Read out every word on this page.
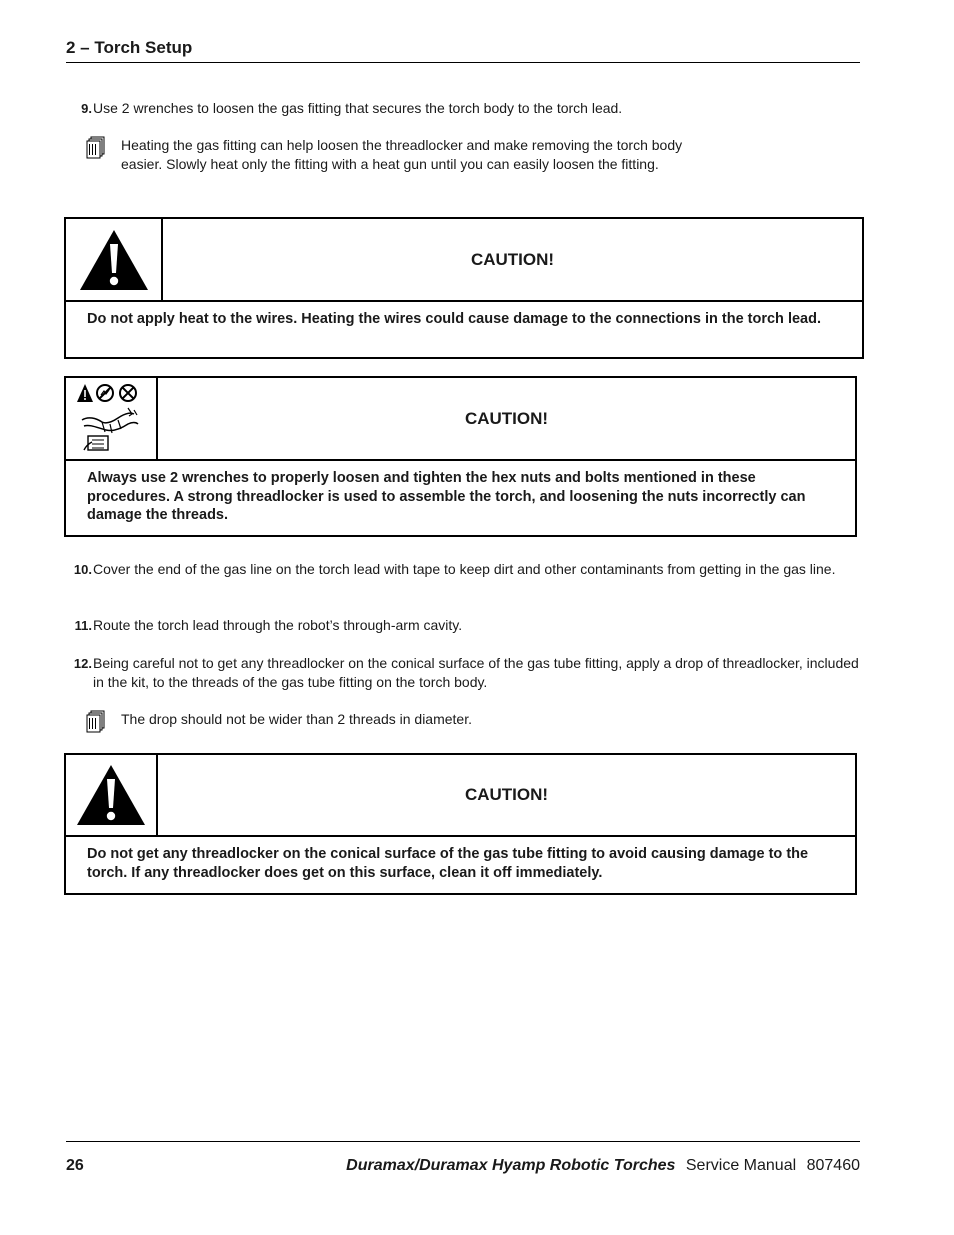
2 – Torch Setup
9. Use 2 wrenches to loosen the gas fitting that secures the torch body to the torch lead.
Heating the gas fitting can help loosen the threadlocker and make removing the torch body easier. Slowly heat only the fitting with a heat gun until you can easily loosen the fitting.
CAUTION!
Do not apply heat to the wires. Heating the wires could cause damage to the connections in the torch lead.
CAUTION!
Always use 2 wrenches to properly loosen and tighten the hex nuts and bolts mentioned in these procedures. A strong threadlocker is used to assemble the torch, and loosening the nuts incorrectly can damage the threads.
10. Cover the end of the gas line on the torch lead with tape to keep dirt and other contaminants from getting in the gas line.
11. Route the torch lead through the robot’s through-arm cavity.
12. Being careful not to get any threadlocker on the conical surface of the gas tube fitting, apply a drop of threadlocker, included in the kit, to the threads of the gas tube fitting on the torch body.
The drop should not be wider than 2 threads in diameter.
CAUTION!
Do not get any threadlocker on the conical surface of the gas tube fitting to avoid causing damage to the torch. If any threadlocker does get on this surface, clean it off immediately.
26	Duramax/Duramax Hyamp Robotic Torches Service Manual 807460
